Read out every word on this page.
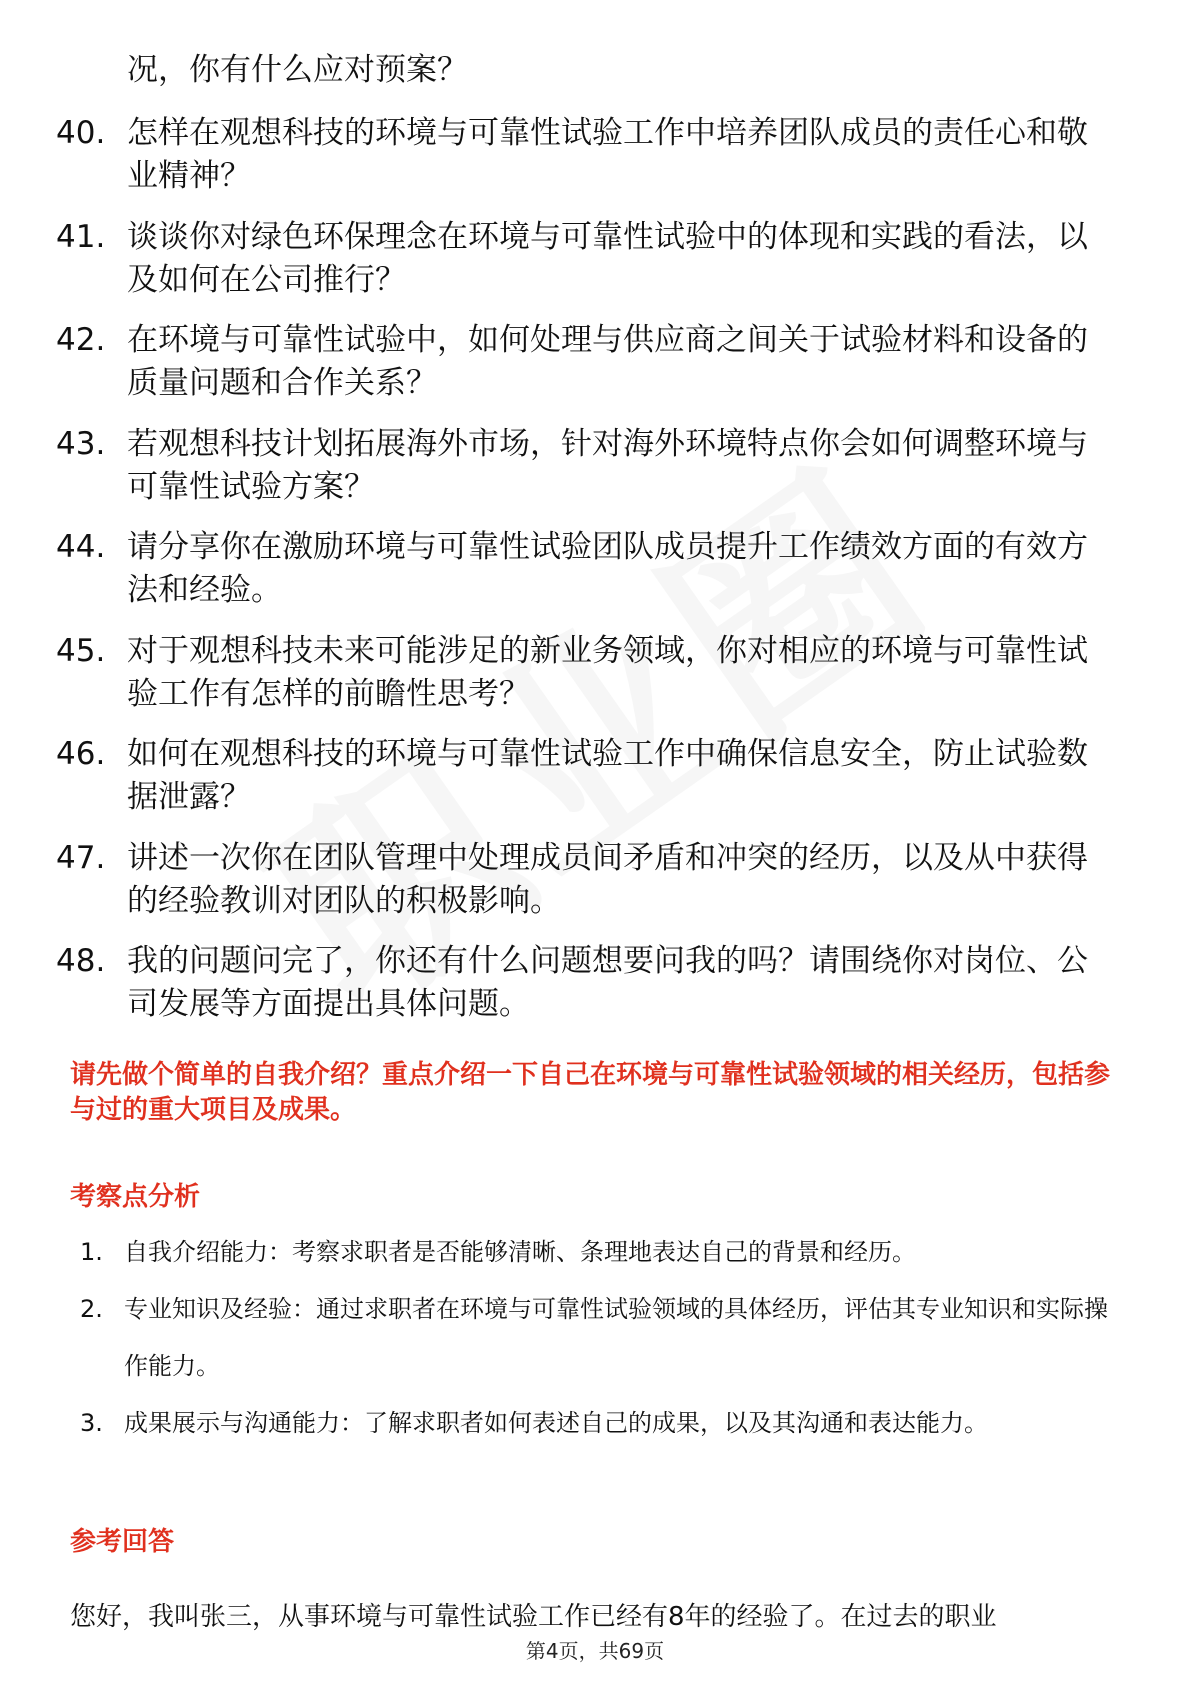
况，你有什么应对预案？
40. 怎样在观想科技的环境与可靠性试验工作中培养团队成员的责任心和敬业精神？
41. 谈谈你对绿色环保理念在环境与可靠性试验中的体现和实践的看法，以及如何在公司推行？
42. 在环境与可靠性试验中，如何处理与供应商之间关于试验材料和设备的质量问题和合作关系？
43. 若观想科技计划拓展海外市场，针对海外环境特点你会如何调整环境与可靠性试验方案？
44. 请分享你在激励环境与可靠性试验团队成员提升工作绩效方面的有效方法和经验。
45. 对于观想科技未来可能涉足的新业务领域，你对相应的环境与可靠性试验工作有怎样的前瞻性思考？
46. 如何在观想科技的环境与可靠性试验工作中确保信息安全，防止试验数据泄露？
47. 讲述一次你在团队管理中处理成员间矛盾和冲突的经历，以及从中获得的经验教训对团队的积极影响。
48. 我的问题问完了，你还有什么问题想要问我的吗？请围绕你对岗位、公司发展等方面提出具体问题。
请先做个简单的自我介绍？重点介绍一下自己在环境与可靠性试验领域的相关经历，包括参与过的重大项目及成果。
考察点分析
1. 自我介绍能力：考察求职者是否能够清晰、条理地表达自己的背景和经历。
2. 专业知识及经验：通过求职者在环境与可靠性试验领域的具体经历，评估其专业知识和实际操作能力。
3. 成果展示与沟通能力：了解求职者如何表述自己的成果，以及其沟通和表达能力。
参考回答
您好，我叫张三，从事环境与可靠性试验工作已经有8年的经验了。在过去的职业
第4页，共69页
